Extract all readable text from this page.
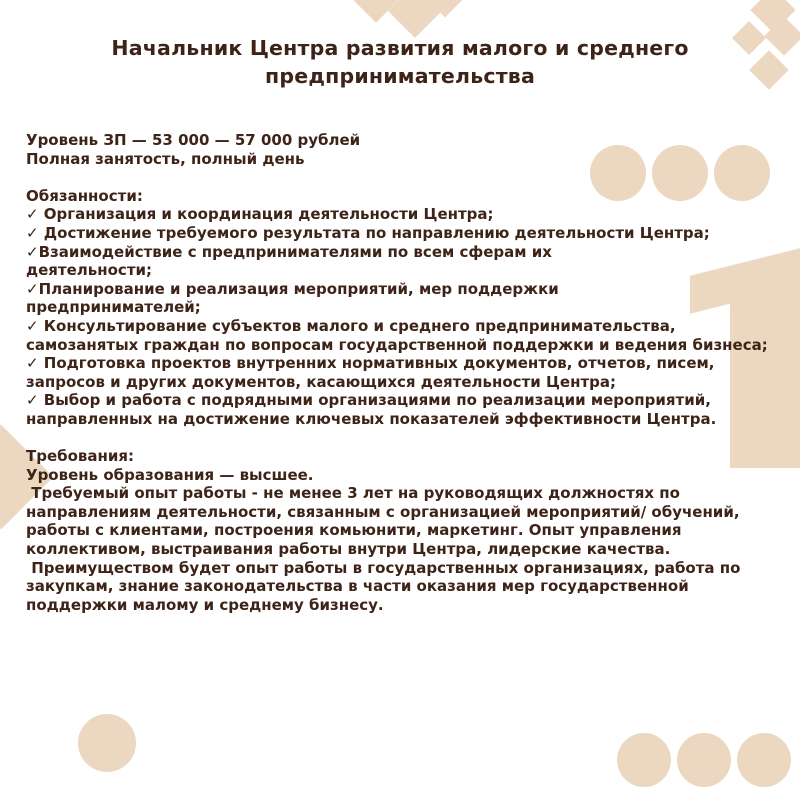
Начальник Центра развития малого и среднего предпринимательства
Уровень ЗП — 53 000 — 57 000 рублей
Полная занятость, полный день
Обязанности:
✓ Организация и координация деятельности Центра;
✓ Достижение требуемого результата по направлению деятельности Центра;
✓Взаимодействие с предпринимателями по всем сферам их деятельности;
✓Планирование и реализация мероприятий, мер поддержки предпринимателей;
✓ Консультирование субъектов малого и среднего предпринимательства, самозанятых граждан по вопросам государственной поддержки и ведения бизнеса;
✓ Подготовка проектов внутренних нормативных документов, отчетов, писем, запросов и других документов, касающихся деятельности Центра;
✓ Выбор и работа с подрядными организациями по реализации мероприятий, направленных на достижение ключевых показателей эффективности Центра.
Требования:
Уровень образования — высшее.
Требуемый опыт работы - не менее 3 лет на руководящих должностях по направлениям деятельности, связанным с организацией мероприятий/ обучений, работы с клиентами, построения комьюнити, маркетинг. Опыт управления коллективом, выстраивания работы внутри Центра, лидерские качества.
Преимуществом будет опыт работы в государственных организациях, работа по закупкам, знание законодательства в части оказания мер государственной поддержки малому и среднему бизнесу.
